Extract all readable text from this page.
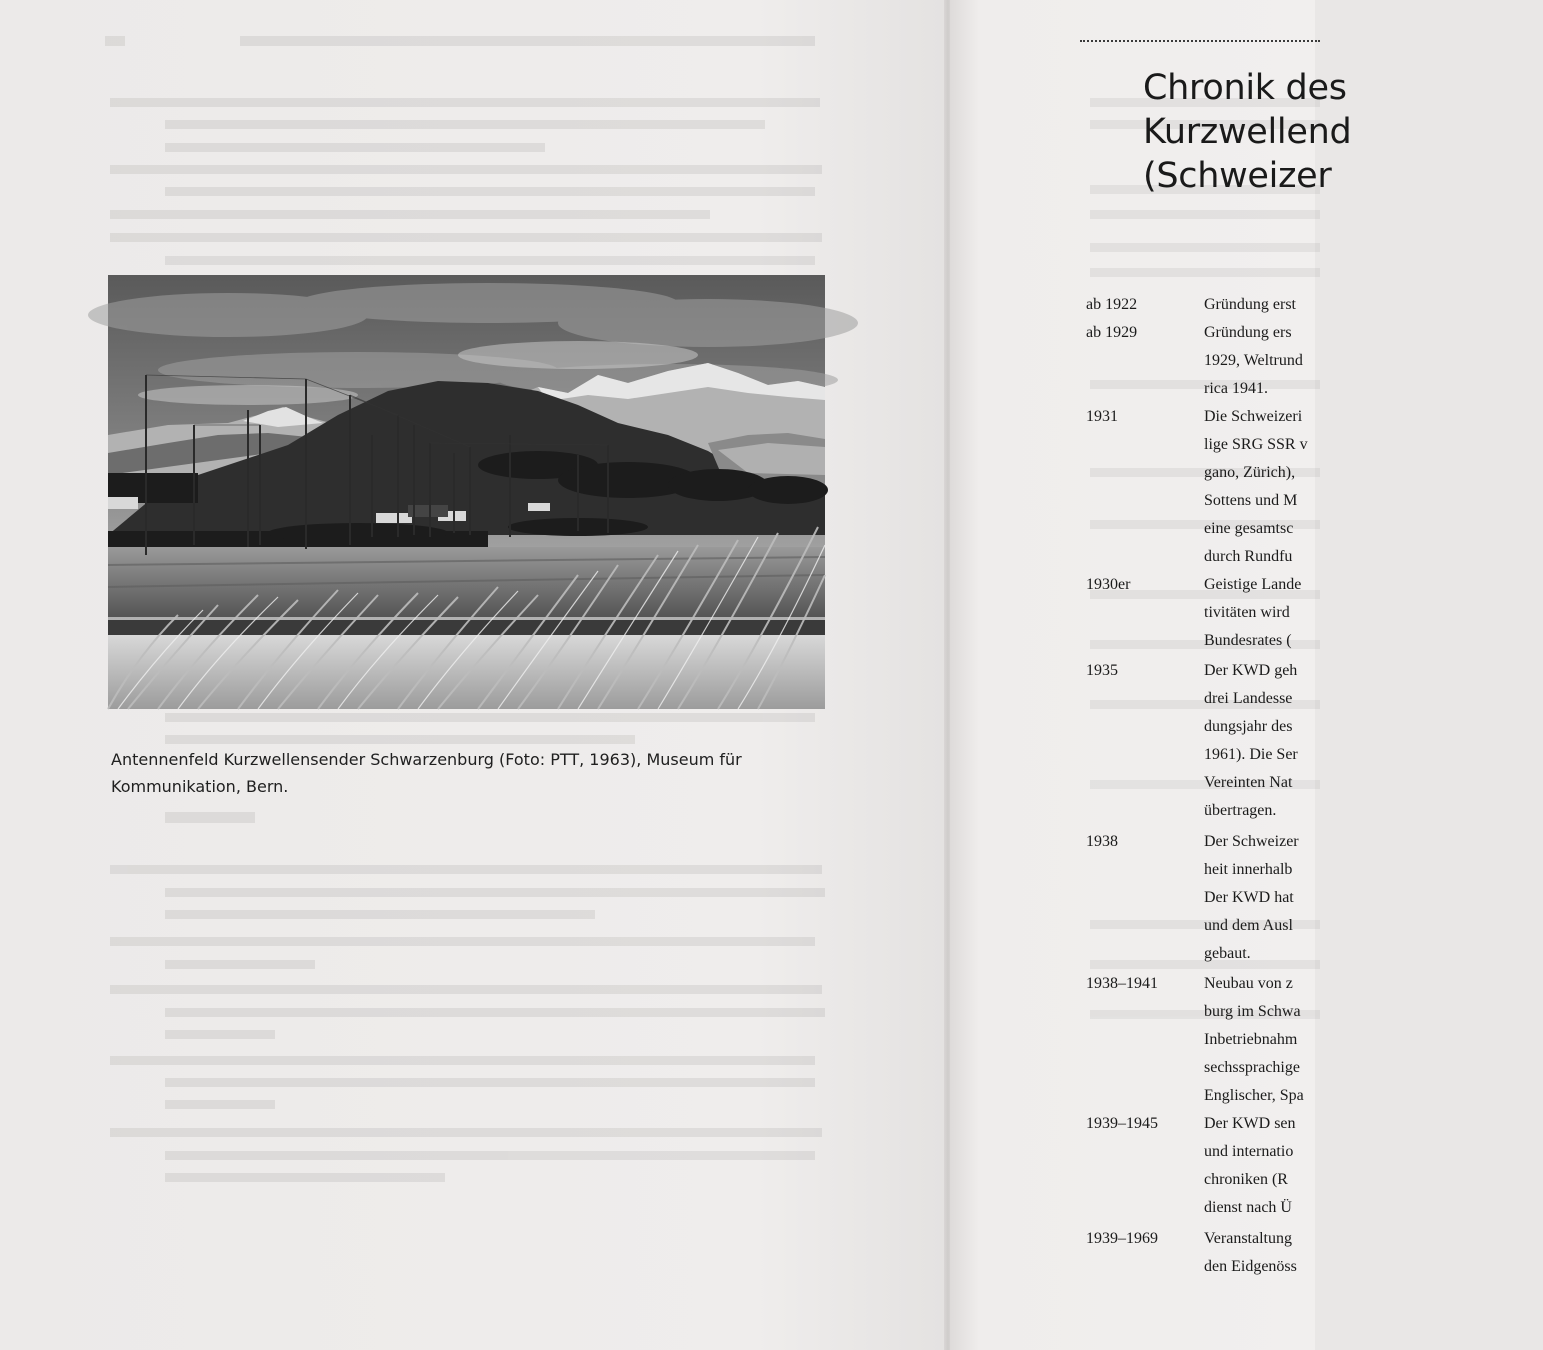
Antennenfeld Kurzwellensender Schwarzenburg (Foto: PTT, 1963), Museum für
Kommunikation, Bern.
Chronik des
Kurzwellend
(Schweizer
ab 1922	Gründung erst
ab 1929	Gründung ers
1929, Weltrund
rica 1941.
1931	Die Schweizeri
lige SRG SSR v
gano, Zürich),
Sottens und M
eine gesamtsc
durch Rundfu
1930er	Geistige Lande
tivitäten wird
Bundesrates (
1935	Der KWD geh
drei Landesse
dungsjahr des
1961). Die Ser
Vereinten Nat
übertragen.
1938	Der Schweizer
heit innerhalb
Der KWD hat
und dem Ausl
gebaut.
1938–1941	Neubau von z
burg im Schwa
Inbetriebnahm
sechssprachige
Englischer, Spa
1939–1945	Der KWD sen
und internatio
chroniken (R
dienst nach Ü
1939–1969	Veranstaltung
den Eidgenöss
